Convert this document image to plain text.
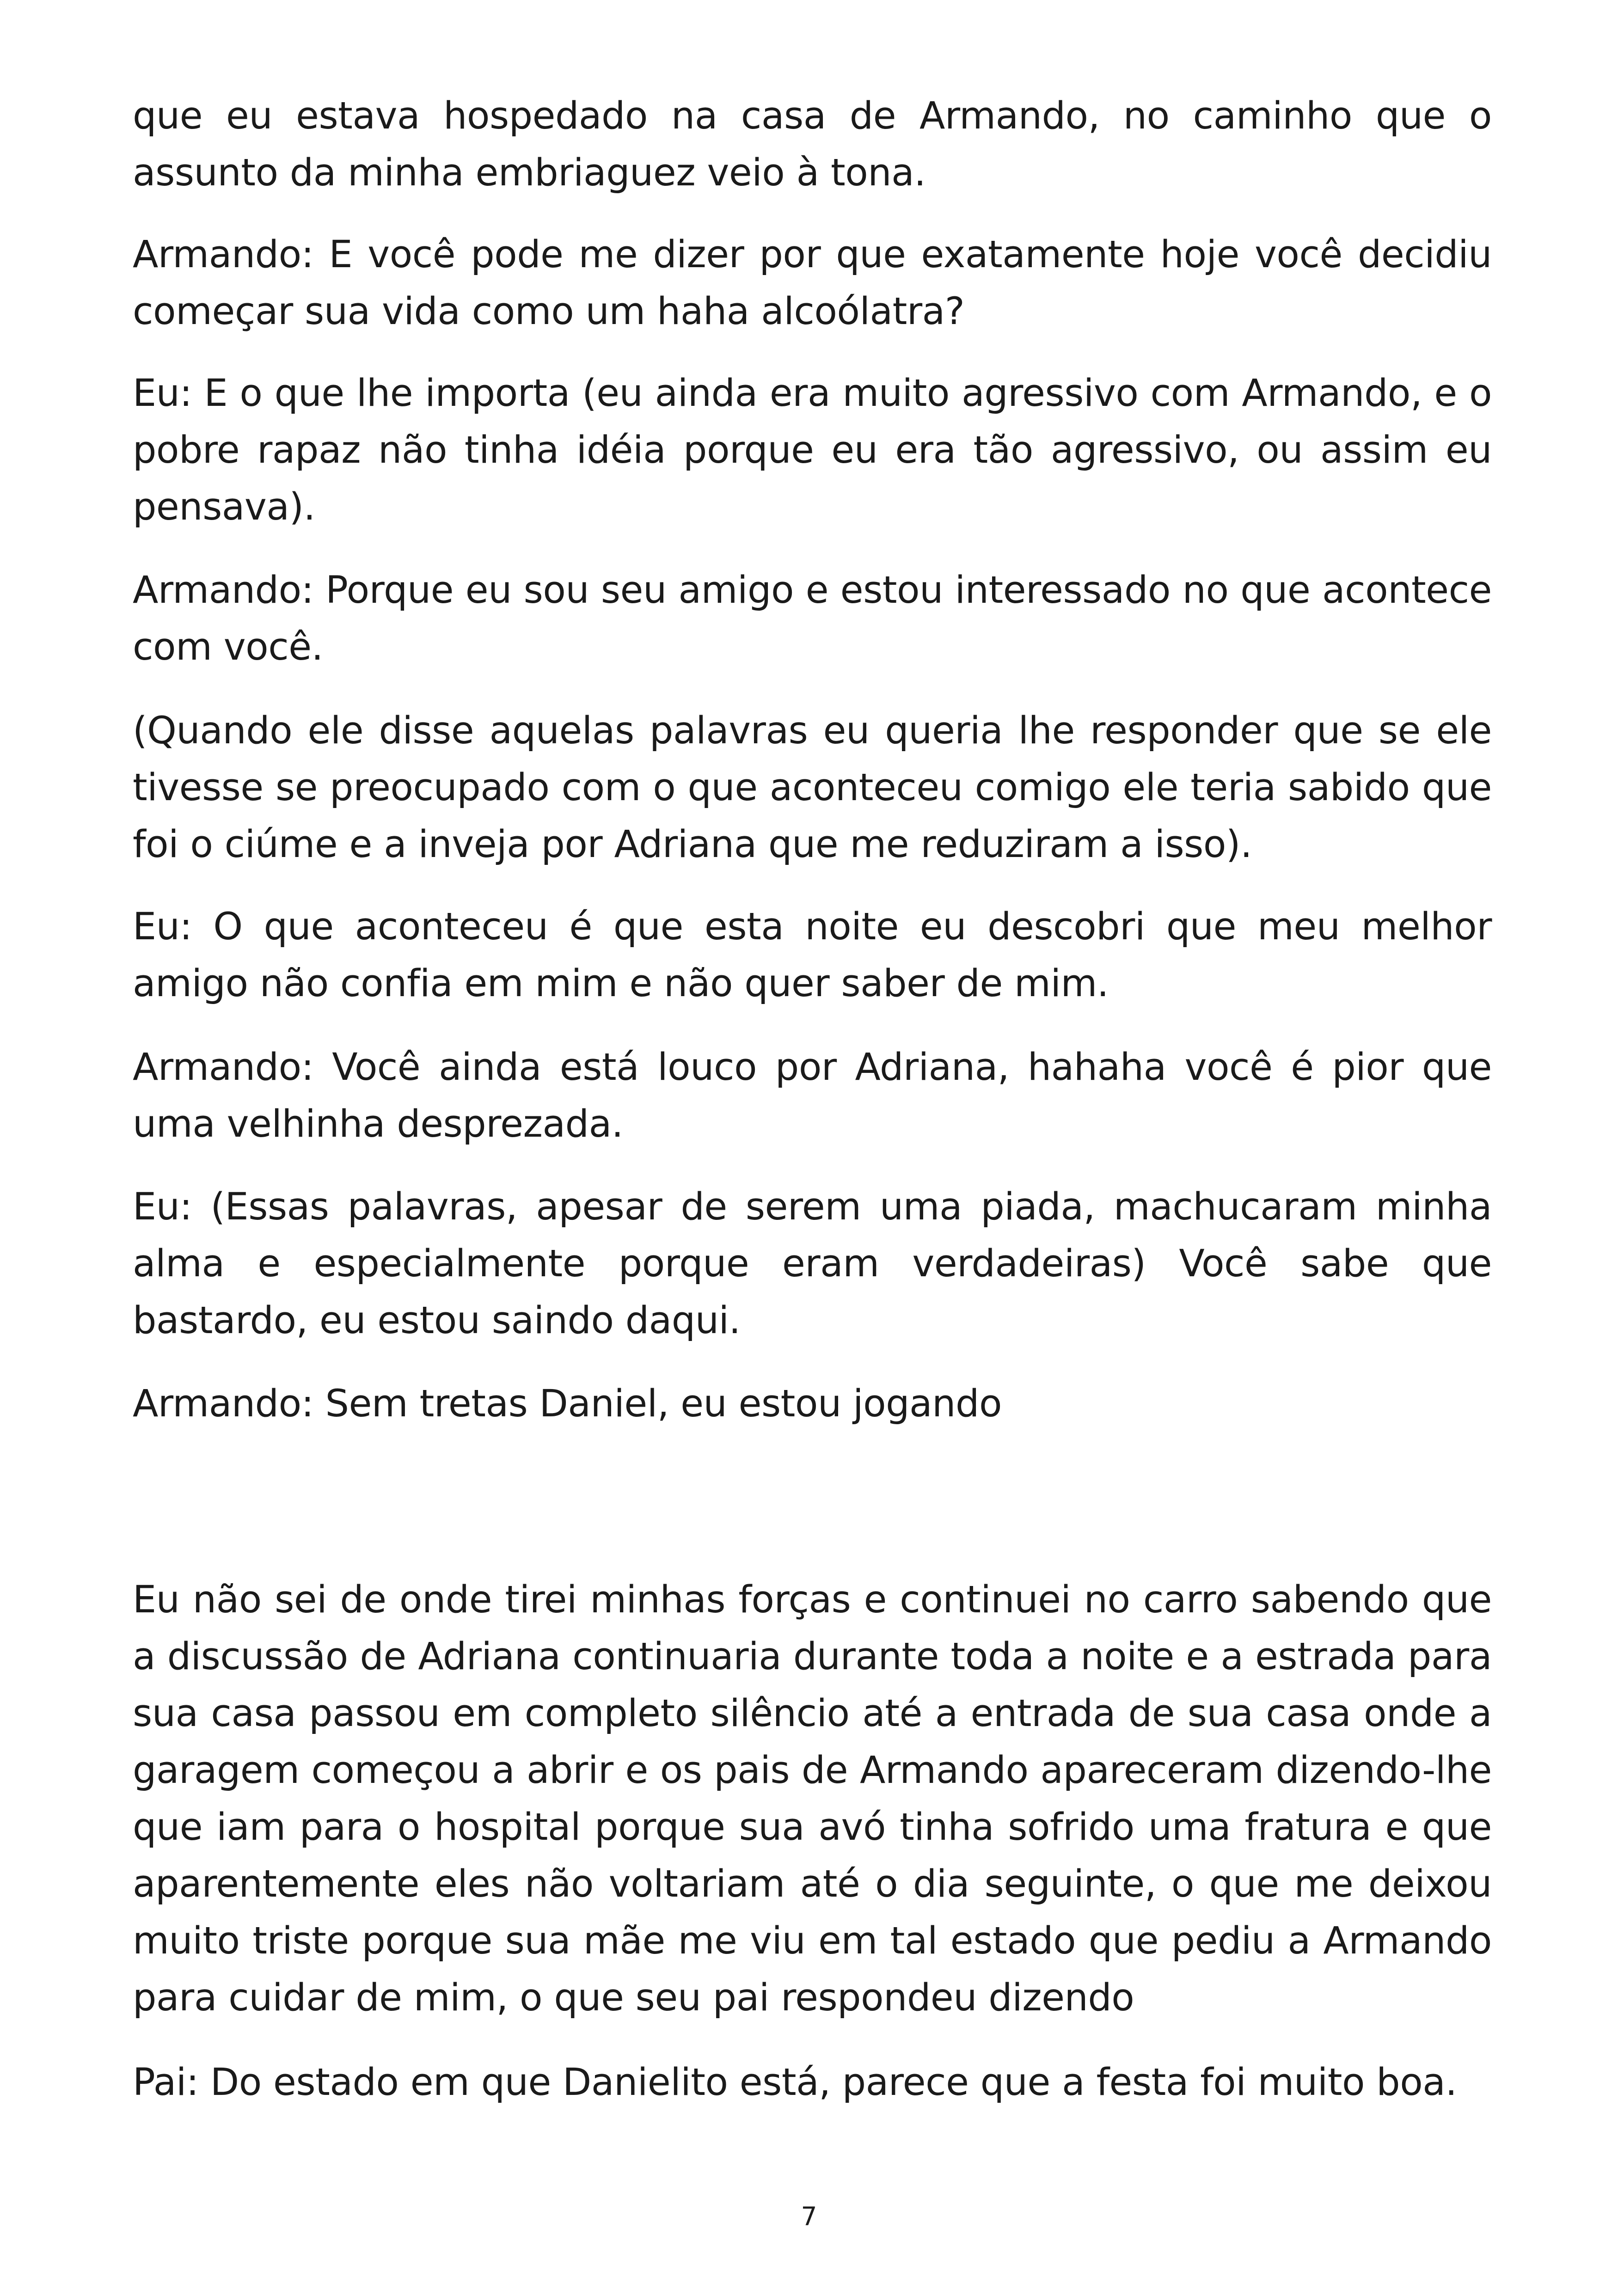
que eu estava hospedado na casa de Armando, no caminho que o assunto da minha embriaguez veio à tona.

Armando: E você pode me dizer por que exatamente hoje você decidiu começar sua vida como um haha alcoólatra?

Eu: E o que lhe importa (eu ainda era muito agressivo com Armando, e o pobre rapaz não tinha idéia porque eu era tão agressivo, ou assim eu pensava).

Armando: Porque eu sou seu amigo e estou interessado no que acontece com você.

(Quando ele disse aquelas palavras eu queria lhe responder que se ele tivesse se preocupado com o que aconteceu comigo ele teria sabido que foi o ciúme e a inveja por Adriana que me reduziram a isso).

Eu: O que aconteceu é que esta noite eu descobri que meu melhor amigo não confia em mim e não quer saber de mim.

Armando: Você ainda está louco por Adriana, hahaha você é pior que uma velhinha desprezada.

Eu: (Essas palavras, apesar de serem uma piada, machucaram minha alma e especialmente porque eram verdadeiras) Você sabe que bastardo, eu estou saindo daqui.

Armando: Sem tretas Daniel, eu estou jogando

Eu não sei de onde tirei minhas forças e continuei no carro sabendo que a discussão de Adriana continuaria durante toda a noite e a estrada para sua casa passou em completo silêncio até a entrada de sua casa onde a garagem começou a abrir e os pais de Armando apareceram dizendo-lhe que iam para o hospital porque sua avó tinha sofrido uma fratura e que aparentemente eles não voltariam até o dia seguinte, o que me deixou muito triste porque sua mãe me viu em tal estado que pediu a Armando para cuidar de mim, o que seu pai respondeu dizendo

Pai: Do estado em que Danielito está, parece que a festa foi muito boa.

7
